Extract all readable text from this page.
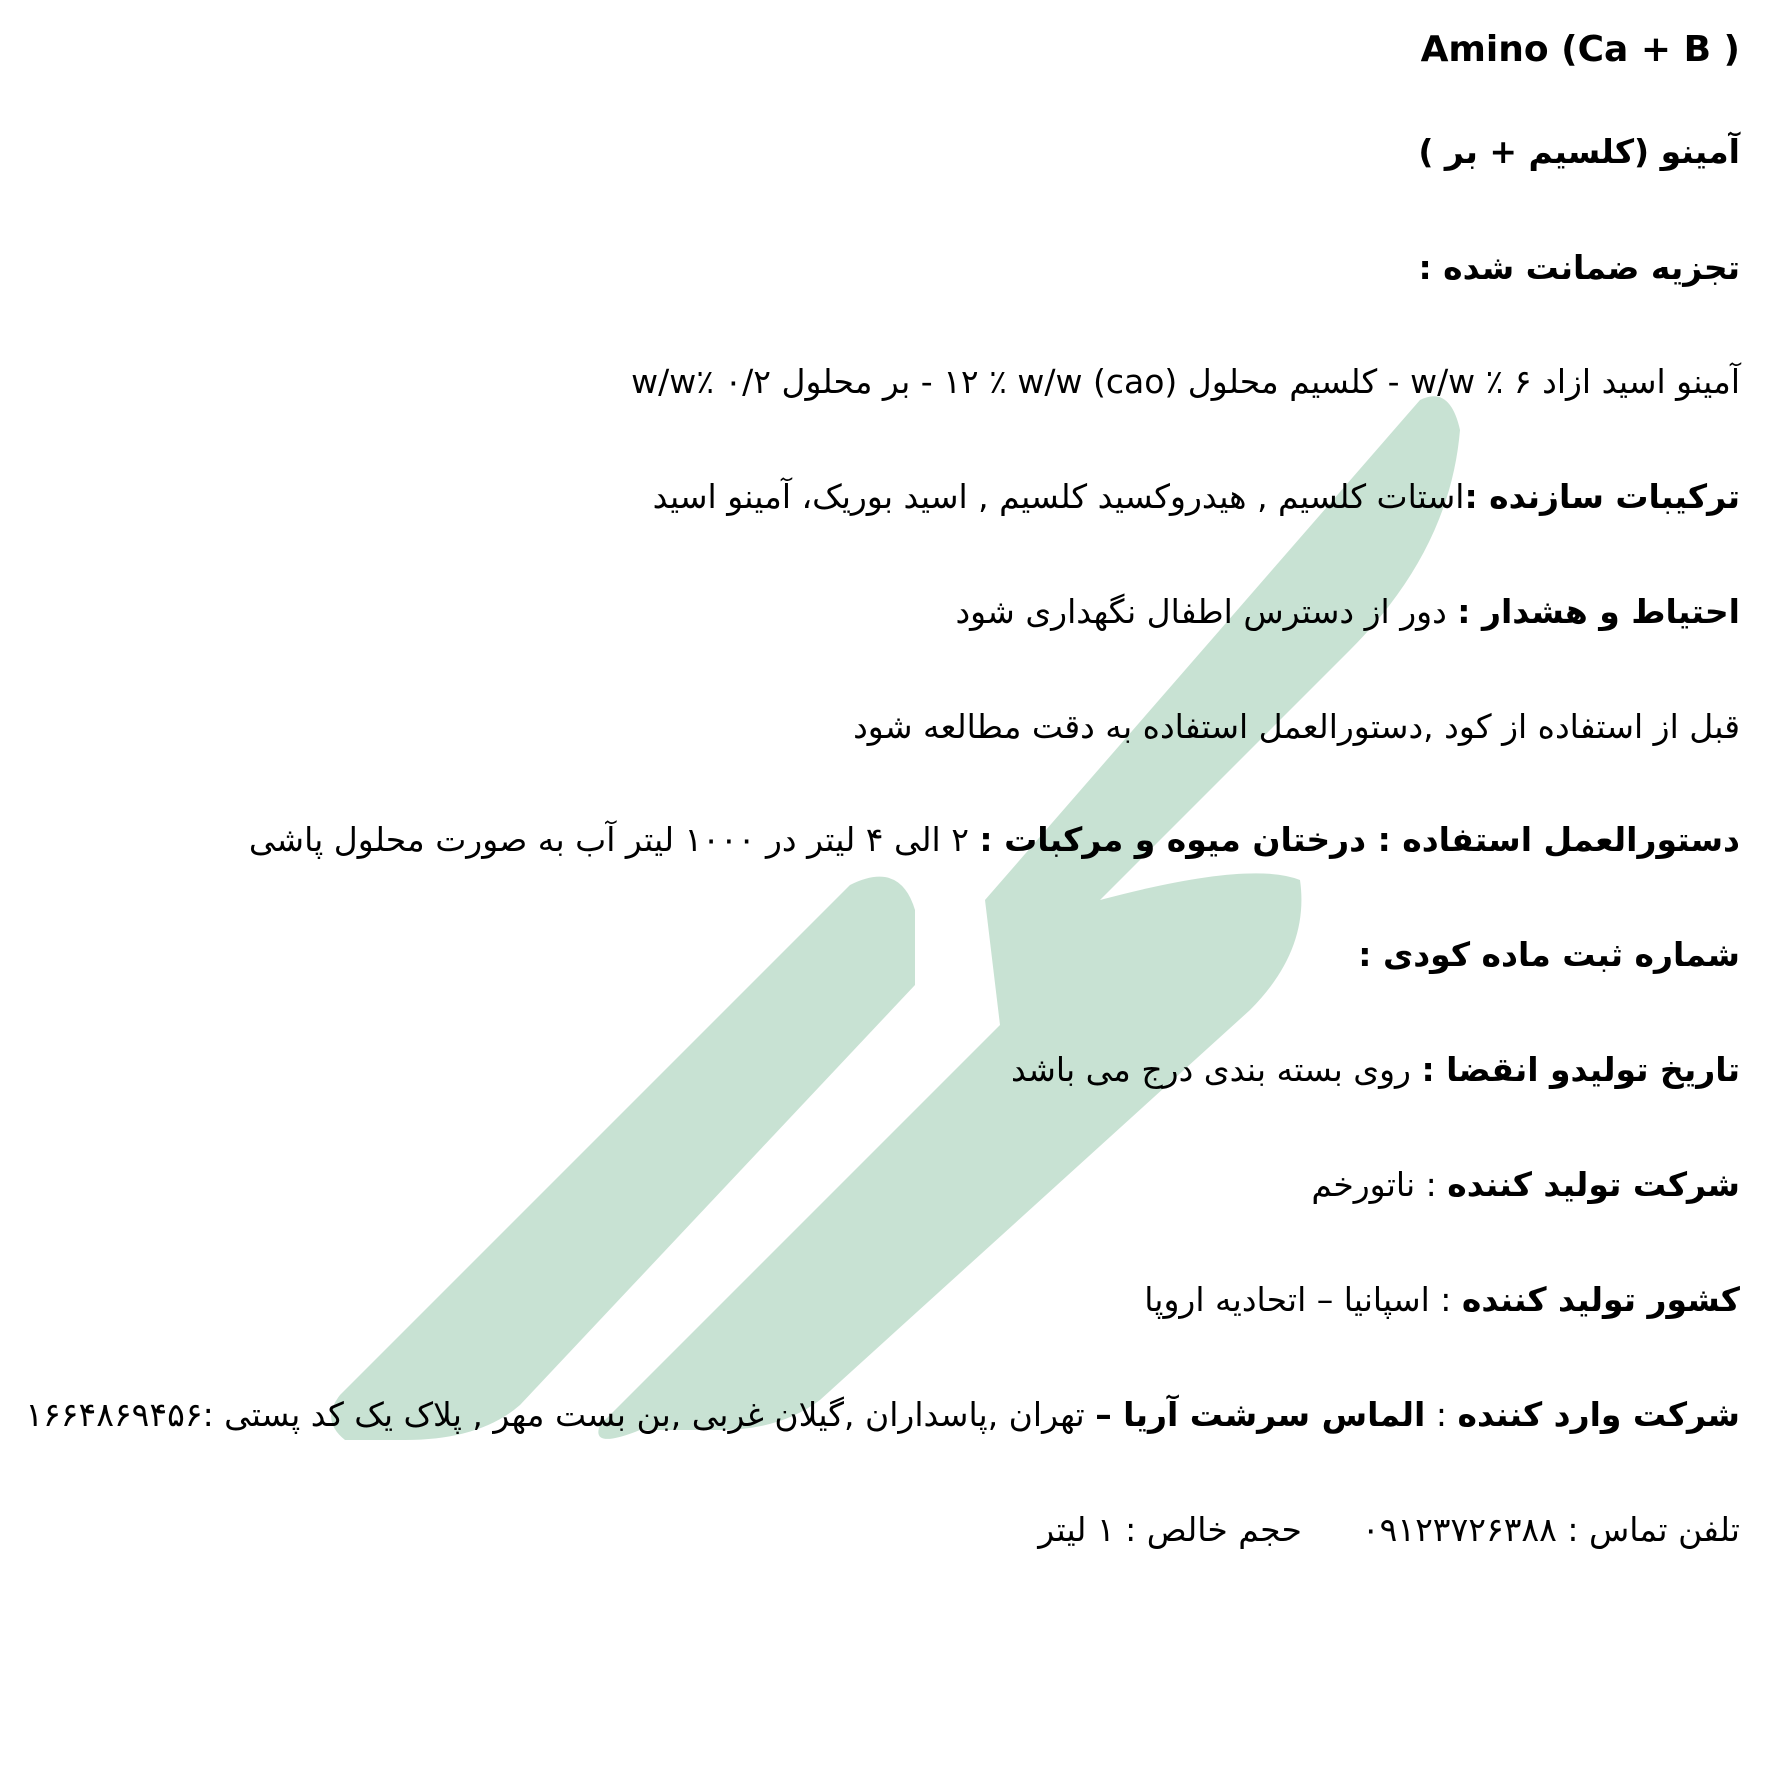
Amino (Ca + B )
آمینو (کلسیم + بر )
تجزیه ضمانت شده :
آمینو اسید ازاد ۶ ٪ w/w - کلسیم محلول (cao) ۱۲ ٪ w/w - بر محلول ۰/۲ ٪w/w
ترکیبات سازنده :استات کلسیم , هیدروکسید کلسیم , اسید بوریک، آمینو اسید
احتیاط و هشدار : دور از دسترس اطفال نگهداری شود
قبل از استفاده از کود ,دستورالعمل استفاده به دقت مطالعه شود
دستورالعمل استفاده : درختان میوه و مرکبات : ۲ الی ۴ لیتر در ۱۰۰۰ لیتر آب به صورت محلول پاشی
شماره ثبت ماده کودی :
تاریخ تولیدو انقضا : روی بسته بندی درج می باشد
شرکت تولید کننده : ناتورخم
کشور تولید کننده : اسپانیا – اتحادیه اروپا
شرکت وارد کننده : الماس سرشت آریا – تهران ,پاسداران ,گیلان غربی ,بن بست مهر , پلاک یک کد پستی :۱۶۶۴۸۶۹۴۵۶
تلفن تماس : ۰۹۱۲۳۷۲۶۳۸۸حجم خالص : ۱ لیتر
